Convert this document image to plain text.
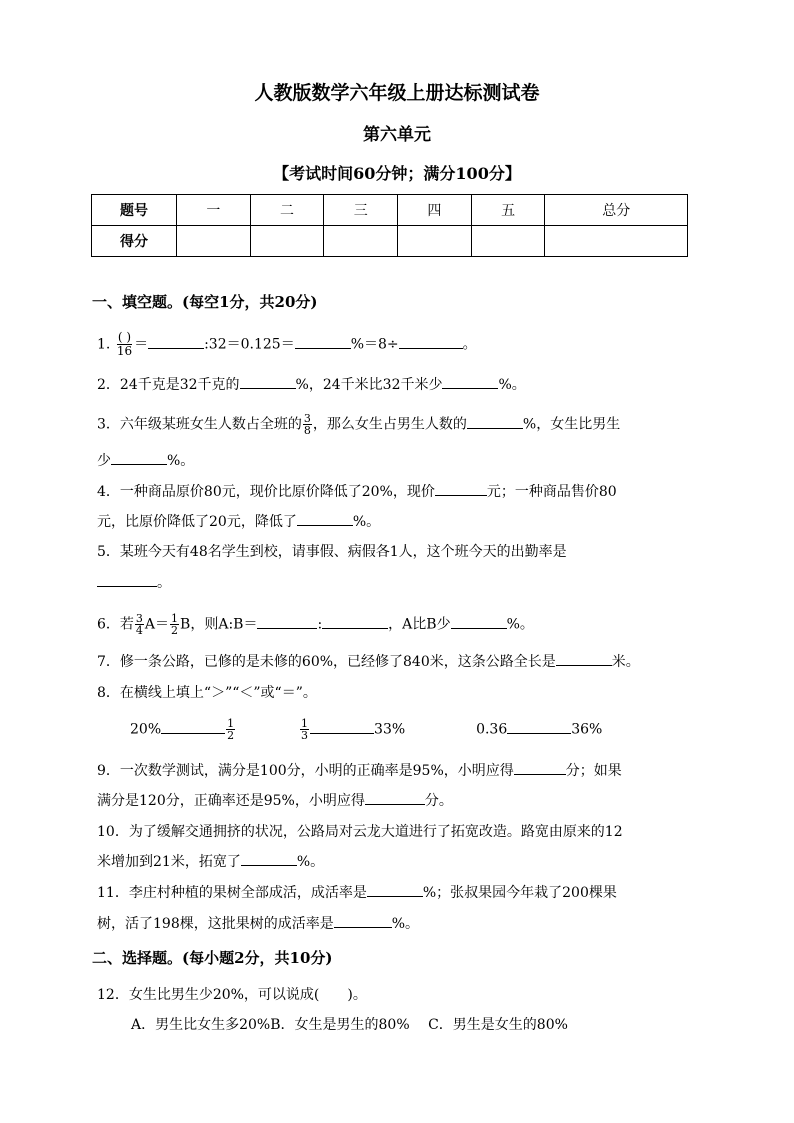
人教版数学六年级上册达标测试卷
第六单元
【考试时间60分钟；满分100分】
题号	一	二	三	四	五	总分
得分						
一、填空题。(每空1分，共20分)
1. $\frac{( )}{16}$ ＝	:32＝0.125＝	%＝8÷	。
2．24千克是32千克的	%，24千米比32千米少	%。
3．六年级某班女生人数占全班的 $\frac{3}{8}$ ，那么女生占男生人数的	%，女生比男生
少	%。
4．一种商品原价80元，现价比原价降低了20%，现价	元；一种商品售价80
元，比原价降低了20元，降低了	%。
5．某班今天有48名学生到校，请事假、病假各1人，这个班今天的出勤率是
。
6．若 $\frac{3}{4} A= \frac{1}{2}$ B，则A:B＝	:	，A比B少	%。
7．修一条公路，已修的是未修的60%，已经修了840米，这条公路全长是	米。
8．在横线上填上“＞”“＜”或“＝”。
20%	$\frac{1}{2}$
	$\frac{1}{3}$	33%	0.36	36%
9．一次数学测试，满分是100分，小明的正确率是95%，小明应得	分；如果
满分是120分，正确率还是95%，小明应得	分。
10．为了缓解交通拥挤的状况，公路局对云龙大道进行了拓宽改造。路宽由原来的12
米增加到21米，拓宽了	%。
11．李庄村种植的果树全部成活，成活率是	%；张叔果园今年栽了200棵果
树，活了198棵，这批果树的成活率是	%。
二、选择题。(每小题2分，共10分)
12．女生比男生少20%，可以说成(　　)。
A．男生比女生多20%B．女生是男生的80%　 C．男生是女生的80%
